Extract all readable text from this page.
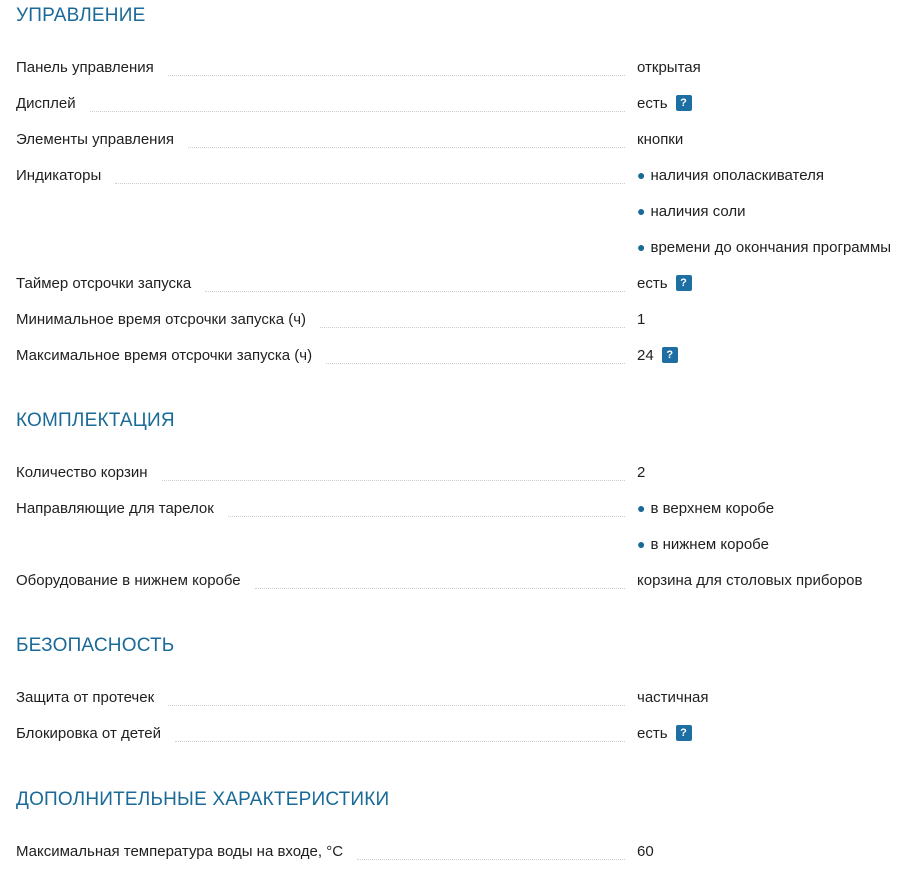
УПРАВЛЕНИЕ
Панель управления	открытая
Дисплей	есть	?
Элементы управления	кнопки
Индикаторы	● наличия ополаскивателя
● наличия соли
● времени до окончания программы
Таймер отсрочки запуска	есть	?
Минимальное время отсрочки запуска (ч)	1
Максимальное время отсрочки запуска (ч)	24	?
КОМПЛЕКТАЦИЯ
Количество корзин	2
Направляющие для тарелок	● в верхнем коробе
● в нижнем коробе
Оборудование в нижнем коробе	корзина для столовых приборов
БЕЗОПАСНОСТЬ
Защита от протечек	частичная
Блокировка от детей	есть	?
ДОПОЛНИТЕЛЬНЫЕ ХАРАКТЕРИСТИКИ
Максимальная температура воды на входе, °C	60
